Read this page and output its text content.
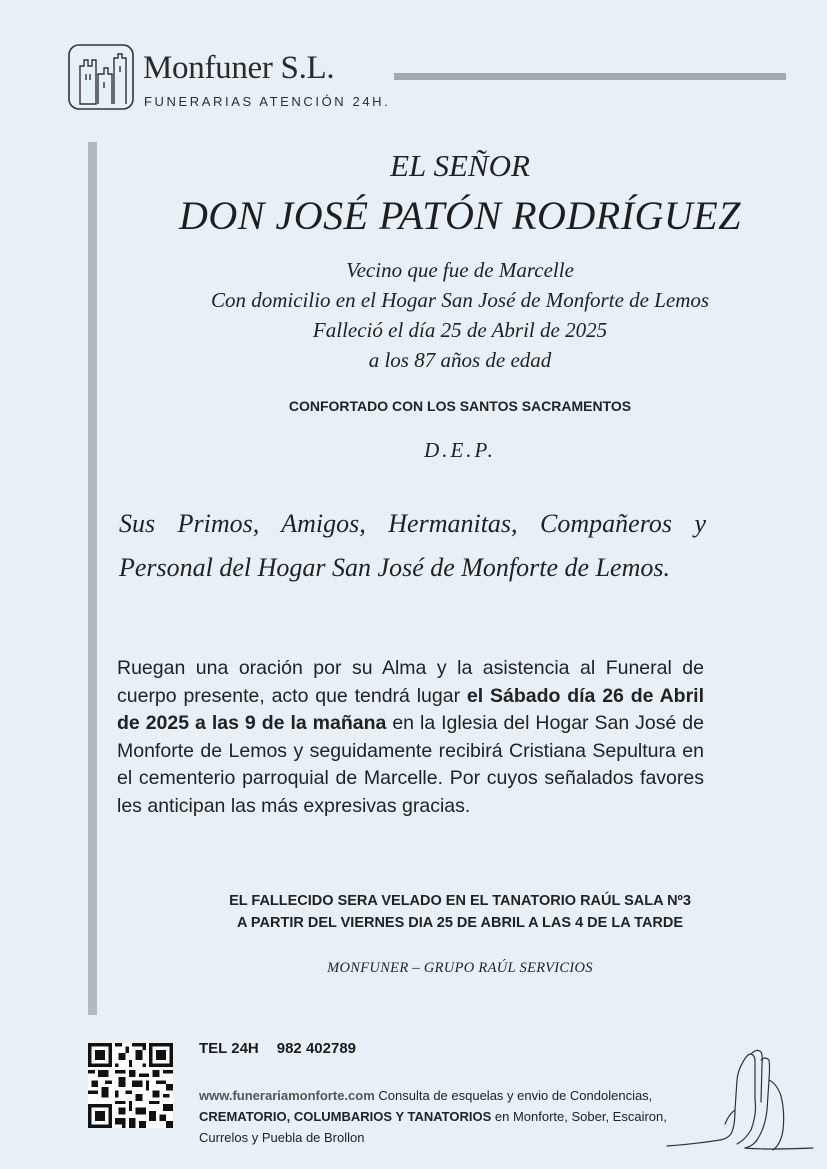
Monfuner S.L.
FUNERARIAS ATENCIÓN 24H.
EL SEÑOR
DON JOSÉ PATÓN RODRÍGUEZ
Vecino que fue de Marcelle
Con domicilio en el Hogar San José de Monforte de Lemos
Falleció el día 25 de Abril de 2025
a los 87 años de edad
CONFORTADO CON LOS SANTOS SACRAMENTOS
D.E.P.
Sus Primos, Amigos, Hermanitas, Compañeros y Personal del Hogar San José de Monforte de Lemos.
Ruegan una oración por su Alma y la asistencia al Funeral de cuerpo presente, acto que tendrá lugar el Sábado día 26 de Abril de 2025 a las 9 de la mañana en la Iglesia del Hogar San José de Monforte de Lemos y seguidamente recibirá Cristiana Sepultura en el cementerio parroquial de Marcelle. Por cuyos señalados favores les anticipan las más expresivas gracias.
EL FALLECIDO SERA VELADO EN EL TANATORIO RAÚL SALA Nº3
A PARTIR DEL VIERNES DIA 25 DE ABRIL A LAS 4 DE LA TARDE
MONFUNER – GRUPO RAÚL SERVICIOS
TEL 24H 982 402789
www.funerariamonforte.com Consulta de esquelas y envio de Condolencias, CREMATORIO, COLUMBARIOS Y TANATORIOS en Monforte, Sober, Escairon, Currelos y Puebla de Brollon
